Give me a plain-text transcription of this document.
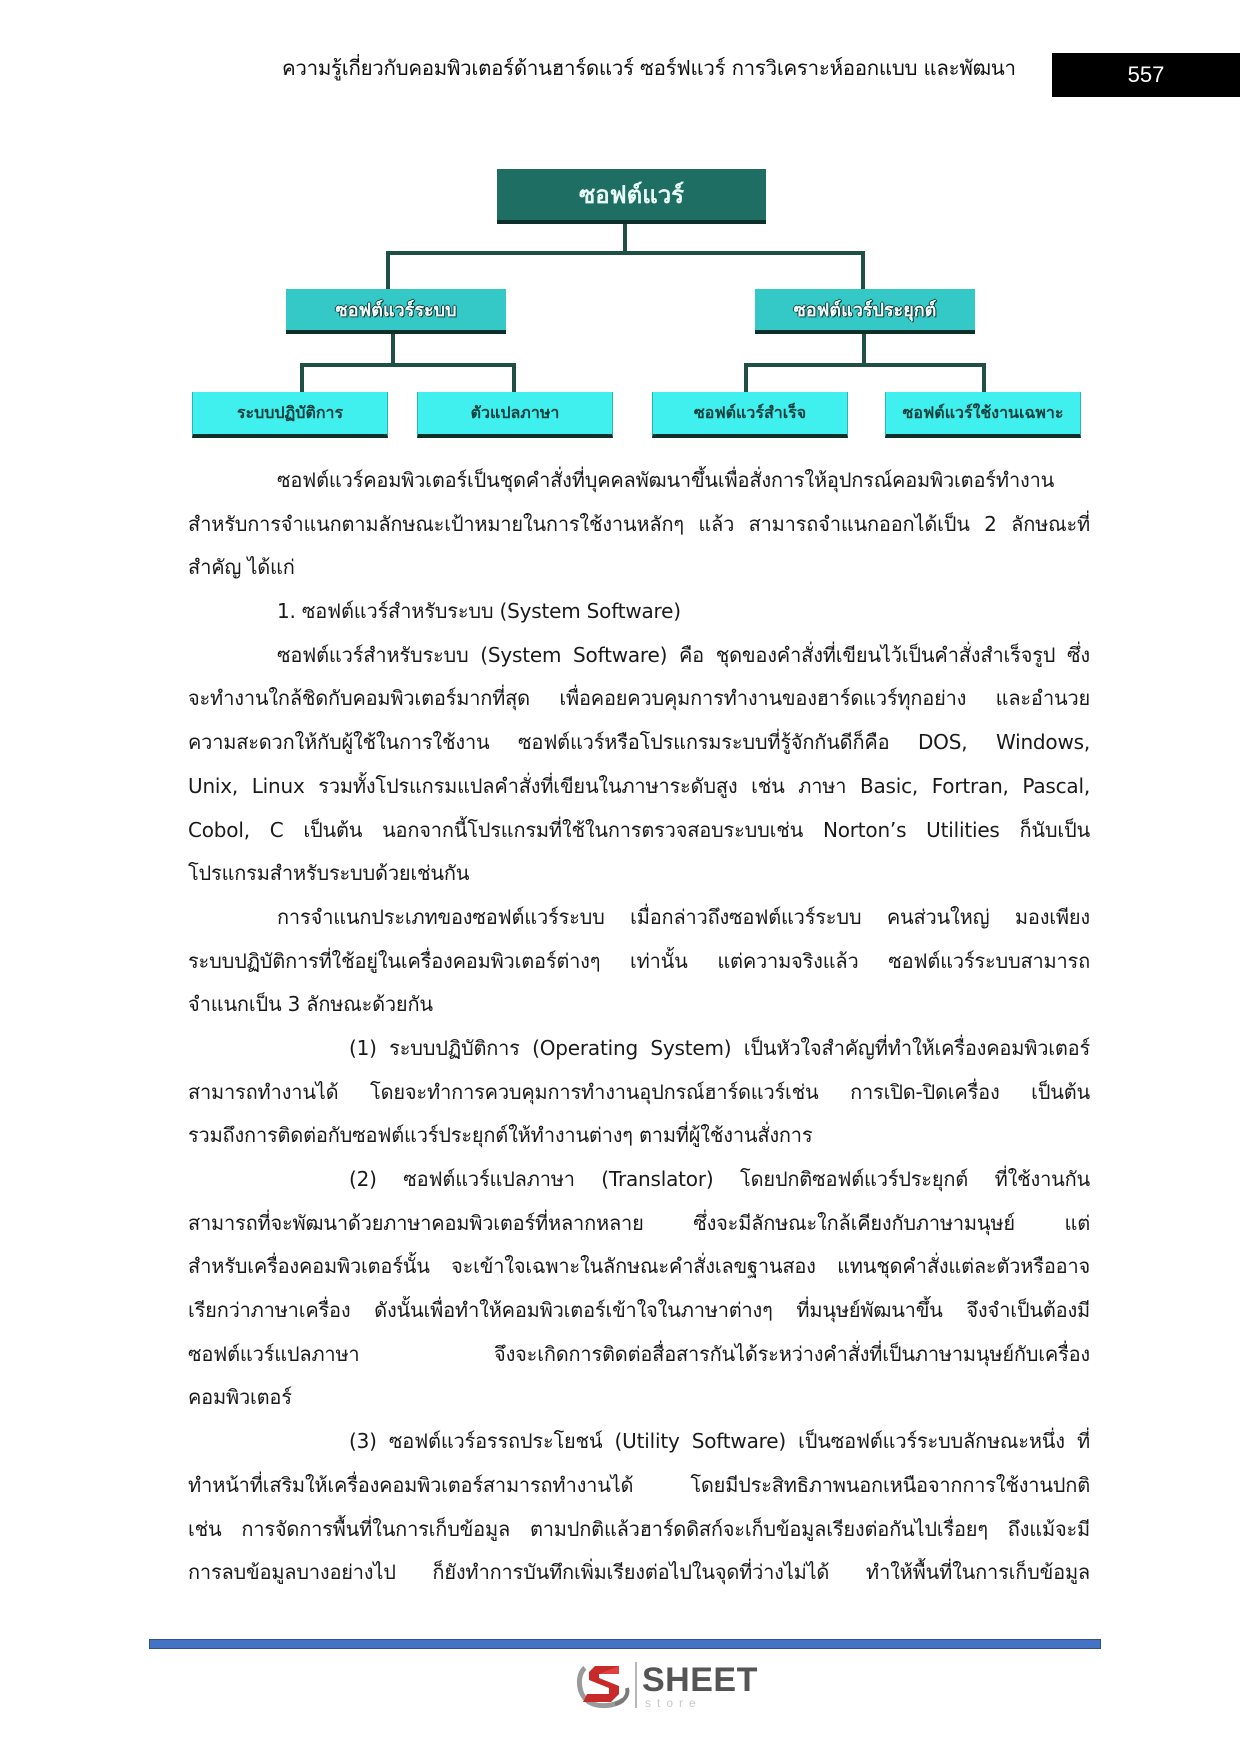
ความรู้เกี่ยวกับคอมพิวเตอร์ด้านฮาร์ดแวร์ ซอร์ฟแวร์ การวิเคราะห์ออกแบบ และพัฒนา	557
ซอฟต์แวร์
ซอฟต์แวร์ระบบ	ซอฟต์แวร์ประยุกต์
ระบบปฏิบัติการ	ตัวแปลภาษา	ซอฟต์แวร์สำเร็จ	ซอฟต์แวร์ใช้งานเฉพาะ
ซอฟต์แวร์คอมพิวเตอร์เป็นชุดคำสั่งที่บุคคลพัฒนาขึ้นเพื่อสั่งการให้อุปกรณ์คอมพิวเตอร์ทำงาน
สำหรับการจำแนกตามลักษณะเป้าหมายในการใช้งานหลักๆ แล้ว สามารถจำแนกออกได้เป็น 2 ลักษณะที่
สำคัญ ได้แก่
1. ซอฟต์แวร์สำหรับระบบ (System Software)
ซอฟต์แวร์สำหรับระบบ (System Software) คือ ชุดของคำสั่งที่เขียนไว้เป็นคำสั่งสำเร็จรูป ซึ่ง
จะทำงานใกล้ชิดกับคอมพิวเตอร์มากที่สุด เพื่อคอยควบคุมการทำงานของฮาร์ดแวร์ทุกอย่าง และอำนวย
ความสะดวกให้กับผู้ใช้ในการใช้งาน ซอฟต์แวร์หรือโปรแกรมระบบที่รู้จักกันดีก็คือ DOS, Windows,
Unix, Linux รวมทั้งโปรแกรมแปลคำสั่งที่เขียนในภาษาระดับสูง เช่น ภาษา Basic, Fortran, Pascal,
Cobol, C เป็นต้น นอกจากนี้โปรแกรมที่ใช้ในการตรวจสอบระบบเช่น Norton’s Utilities ก็นับเป็น
โปรแกรมสำหรับระบบด้วยเช่นกัน
การจำแนกประเภทของซอฟต์แวร์ระบบ เมื่อกล่าวถึงซอฟต์แวร์ระบบ คนส่วนใหญ่ มองเพียง
ระบบปฏิบัติการที่ใช้อยู่ในเครื่องคอมพิวเตอร์ต่างๆ เท่านั้น แต่ความจริงแล้ว ซอฟต์แวร์ระบบสามารถ
จำแนกเป็น 3 ลักษณะด้วยกัน
(1) ระบบปฏิบัติการ (Operating System) เป็นหัวใจสำคัญที่ทำให้เครื่องคอมพิวเตอร์
สามารถทำงานได้ โดยจะทำการควบคุมการทำงานอุปกรณ์ฮาร์ดแวร์เช่น การเปิด-ปิดเครื่อง เป็นต้น
รวมถึงการติดต่อกับซอฟต์แวร์ประยุกต์ให้ทำงานต่างๆ ตามที่ผู้ใช้งานสั่งการ
(2) ซอฟต์แวร์แปลภาษา (Translator) โดยปกติซอฟต์แวร์ประยุกต์ ที่ใช้งานกัน
สามารถที่จะพัฒนาด้วยภาษาคอมพิวเตอร์ที่หลากหลาย ซึ่งจะมีลักษณะใกล้เคียงกับภาษามนุษย์ แต่
สำหรับเครื่องคอมพิวเตอร์นั้น จะเข้าใจเฉพาะในลักษณะคำสั่งเลขฐานสอง แทนชุดคำสั่งแต่ละตัวหรืออาจ
เรียกว่าภาษาเครื่อง ดังนั้นเพื่อทำให้คอมพิวเตอร์เข้าใจในภาษาต่างๆ ที่มนุษย์พัฒนาขึ้น จึงจำเป็นต้องมี
ซอฟต์แวร์แปลภาษา จึงจะเกิดการติดต่อสื่อสารกันได้ระหว่างคำสั่งที่เป็นภาษามนุษย์กับเครื่อง
คอมพิวเตอร์
(3) ซอฟต์แวร์อรรถประโยชน์ (Utility Software) เป็นซอฟต์แวร์ระบบลักษณะหนึ่ง ที่
ทำหน้าที่เสริมให้เครื่องคอมพิวเตอร์สามารถทำงานได้ โดยมีประสิทธิภาพนอกเหนือจากการใช้งานปกติ
เช่น การจัดการพื้นที่ในการเก็บข้อมูล ตามปกติแล้วฮาร์ดดิสก์จะเก็บข้อมูลเรียงต่อกันไปเรื่อยๆ ถึงแม้จะมี
การลบข้อมูลบางอย่างไป ก็ยังทำการบันทึกเพิ่มเรียงต่อไปในจุดที่ว่างไม่ได้ ทำให้พื้นที่ในการเก็บข้อมูล
SHEET
store
